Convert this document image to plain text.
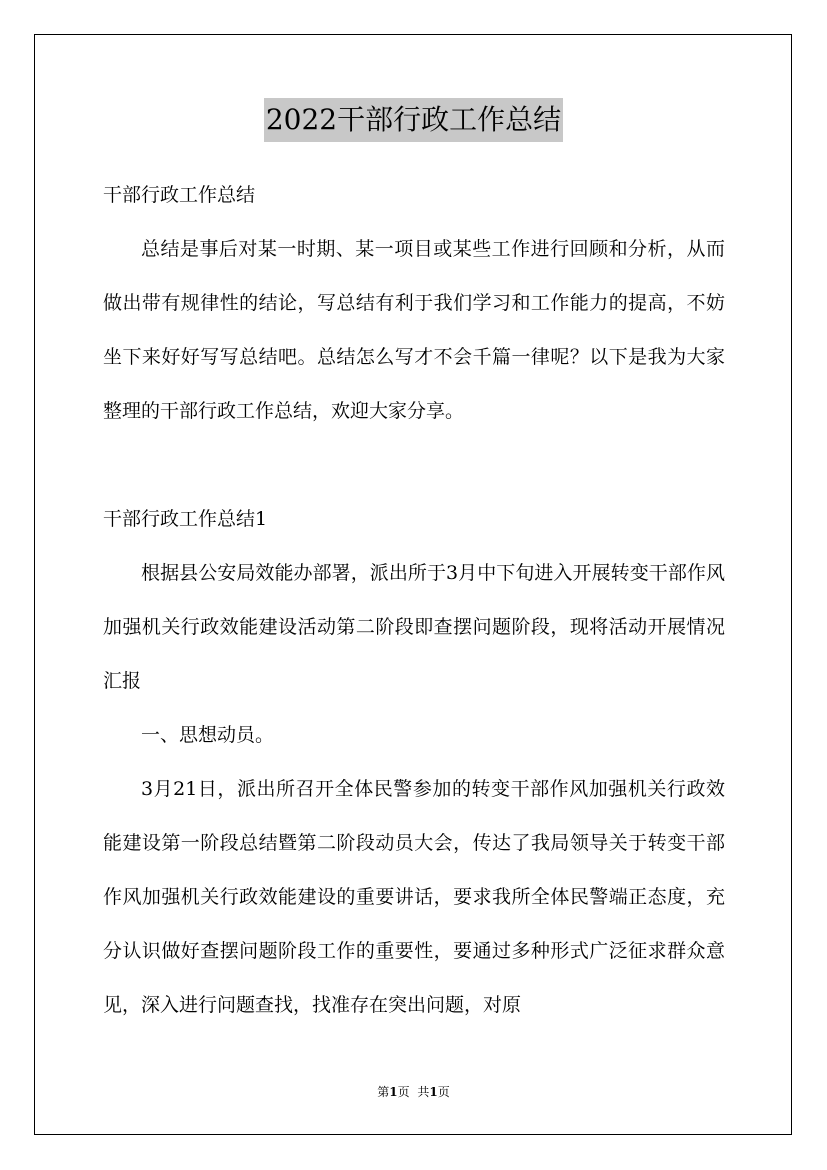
2022干部行政工作总结

干部行政工作总结

总结是事后对某一时期、某一项目或某些工作进行回顾和分析，从而做出带有规律性的结论，写总结有利于我们学习和工作能力的提高，不妨坐下来好好写写总结吧。总结怎么写才不会千篇一律呢？以下是我为大家整理的干部行政工作总结，欢迎大家分享。

干部行政工作总结1

根据县公安局效能办部署，派出所于3月中下旬进入开展转变干部作风加强机关行政效能建设活动第二阶段即查摆问题阶段，现将活动开展情况汇报

一、思想动员。

3月21日，派出所召开全体民警参加的转变干部作风加强机关行政效能建设第一阶段总结暨第二阶段动员大会，传达了我局领导关于转变干部作风加强机关行政效能建设的重要讲话，要求我所全体民警端正态度，充分认识做好查摆问题阶段工作的重要性，要通过多种形式广泛征求群众意见，深入进行问题查找，找准存在突出问题，对原

第1页 共1页
